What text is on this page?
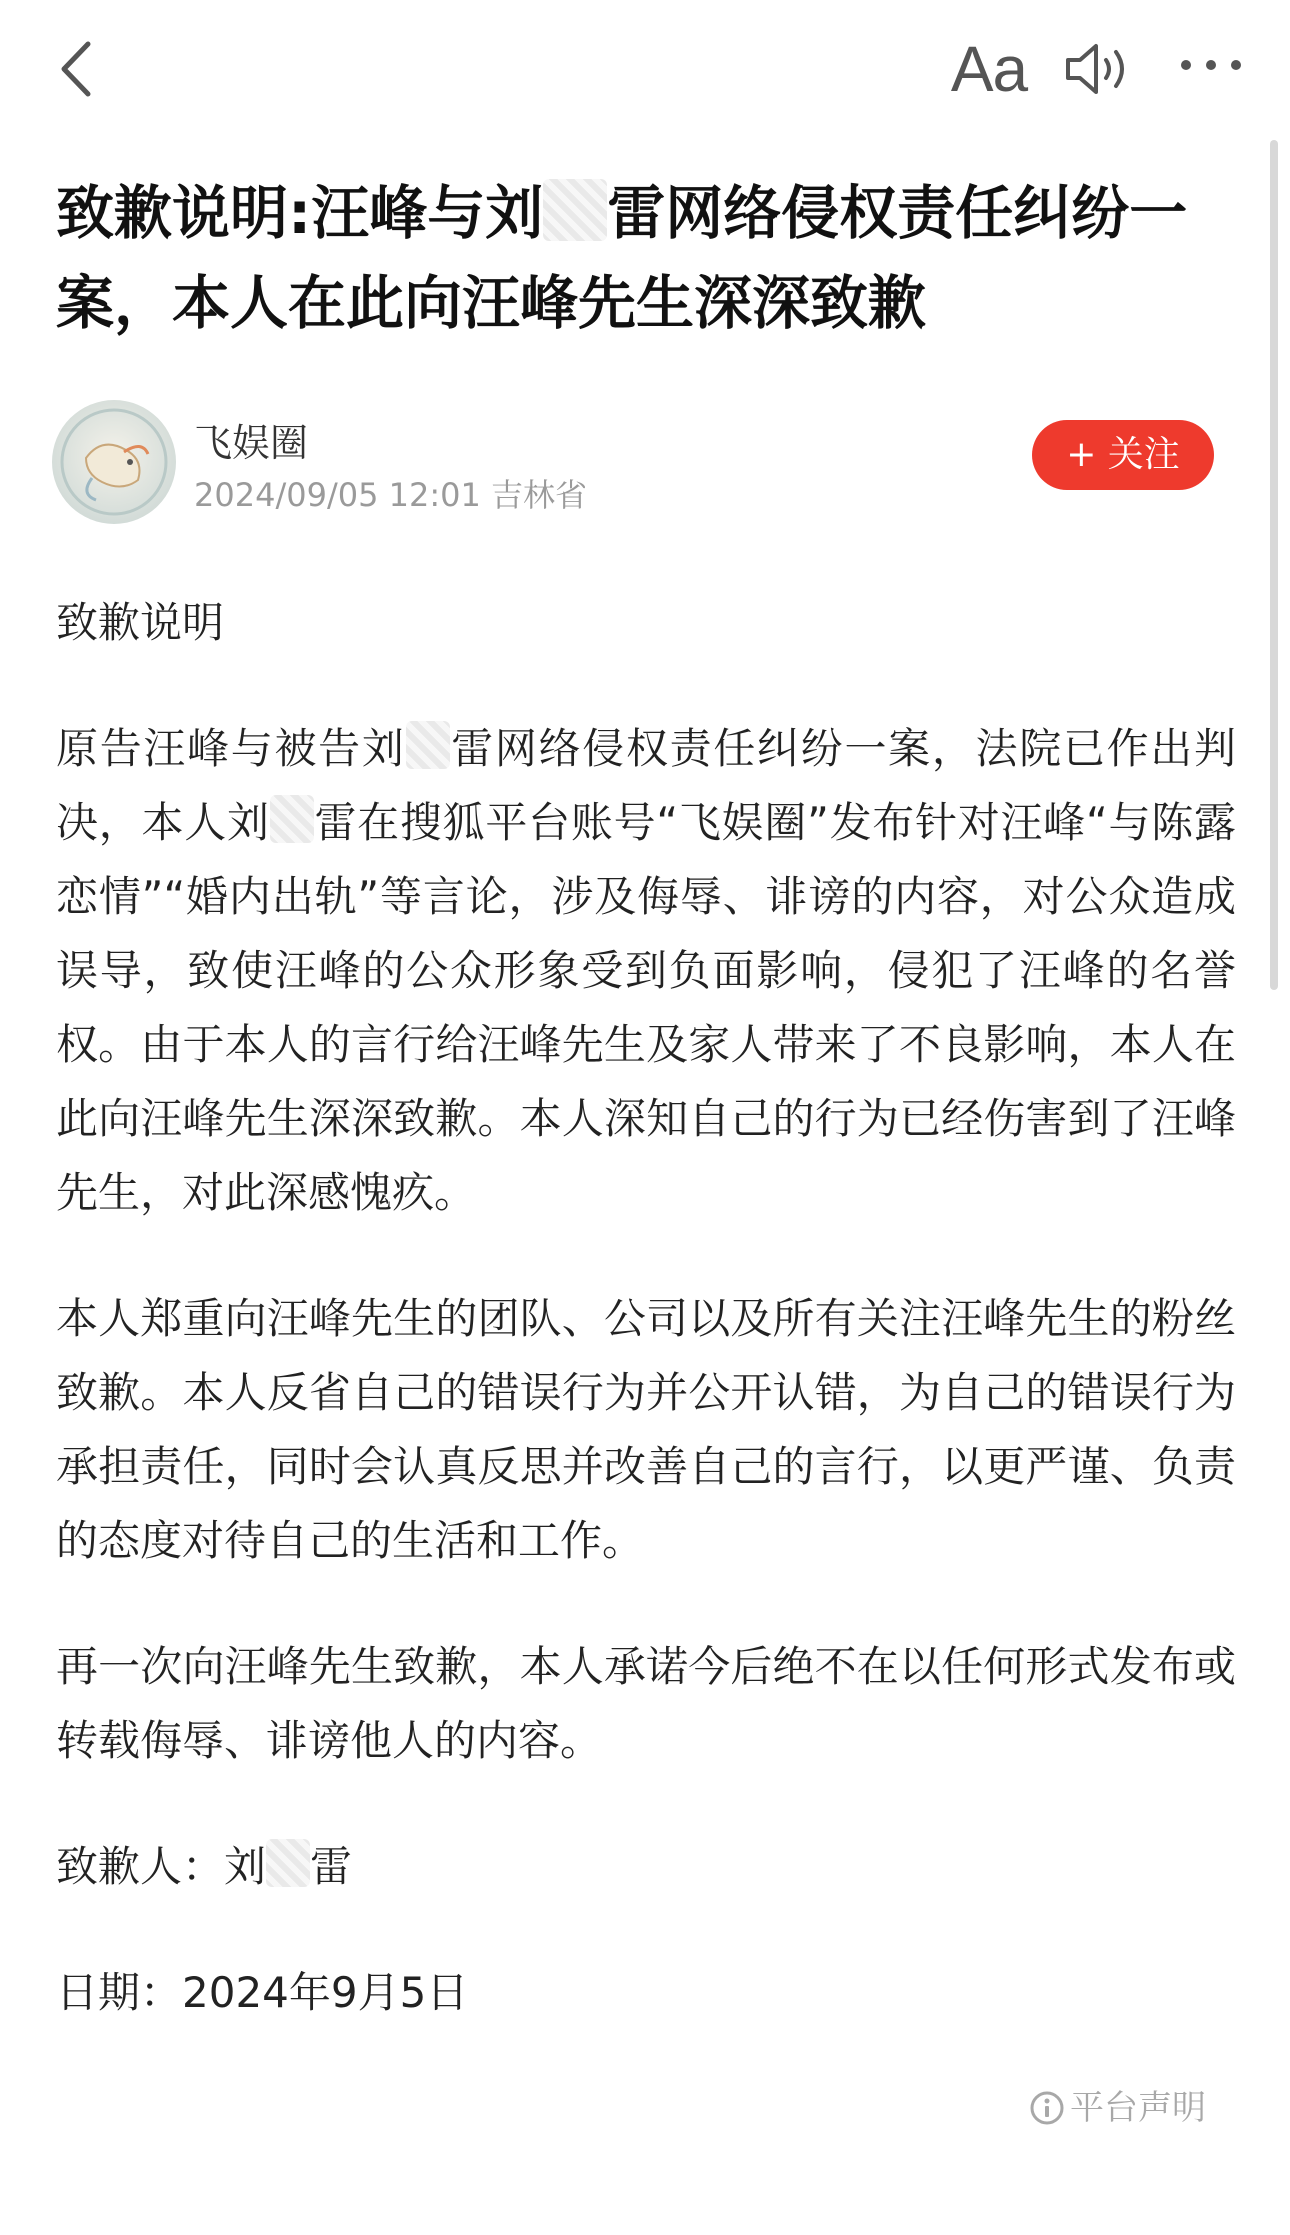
Aa
致歉说明:汪峰与刘 雷网络侵权责任纠纷一案，本人在此向汪峰先生深深致歉
飞娱圈
2024/09/05 12:01 吉林省
+ 关注

致歉说明

原告汪峰与被告刘 雷网络侵权责任纠纷一案，法院已作出判决，本人刘 雷在搜狐平台账号“飞娱圈”发布针对汪峰“与陈露恋情”“婚内出轨”等言论，涉及侮辱、诽谤的内容，对公众造成误导，致使汪峰的公众形象受到负面影响，侵犯了汪峰的名誉权。由于本人的言行给汪峰先生及家人带来了不良影响，本人在此向汪峰先生深深致歉。本人深知自己的行为已经伤害到了汪峰先生，对此深感愧疚。

本人郑重向汪峰先生的团队、公司以及所有关注汪峰先生的粉丝致歉。本人反省自己的错误行为并公开认错，为自己的错误行为承担责任，同时会认真反思并改善自己的言行，以更严谨、负责的态度对待自己的生活和工作。

再一次向汪峰先生致歉，本人承诺今后绝不在以任何形式发布或转载侮辱、诽谤他人的内容。

致歉人：刘 雷

日期：2024年9月5日

平台声明
